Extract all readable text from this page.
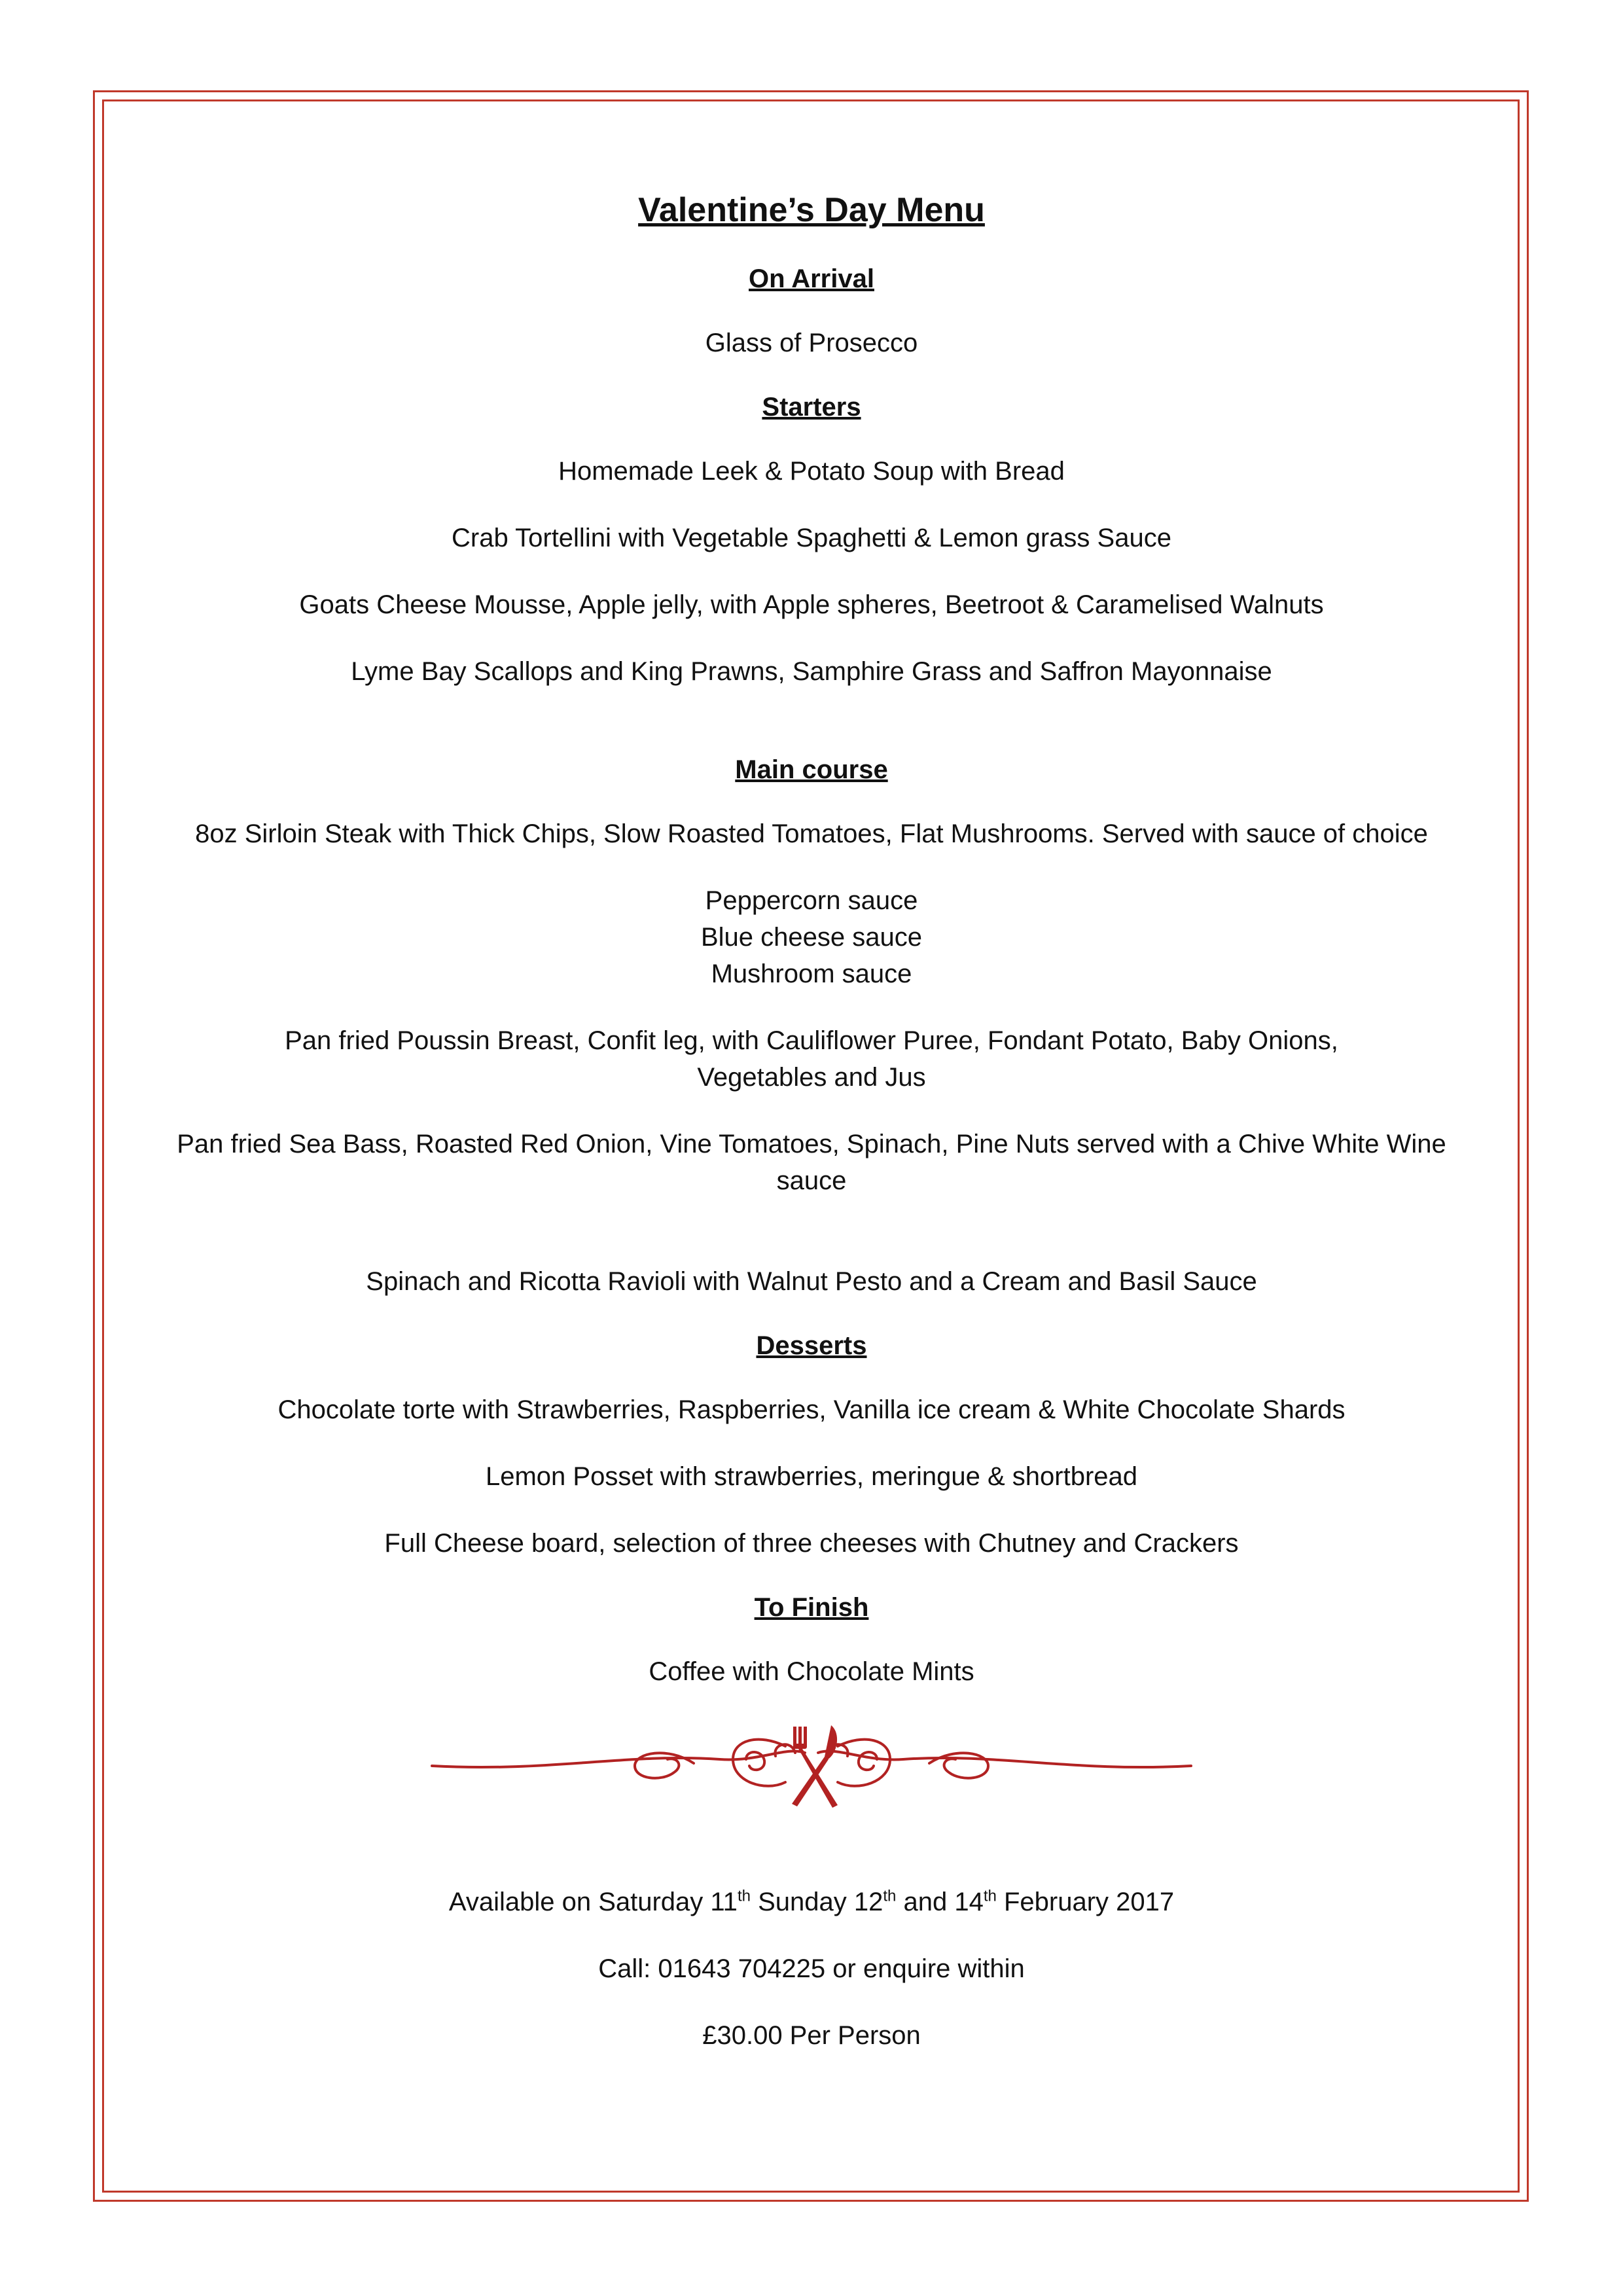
Valentine’s Day Menu
On Arrival
Glass of Prosecco
Starters
Homemade Leek & Potato Soup with Bread
Crab Tortellini with Vegetable Spaghetti & Lemon grass Sauce
Goats Cheese Mousse, Apple jelly, with Apple spheres, Beetroot & Caramelised Walnuts
Lyme Bay Scallops and King Prawns, Samphire Grass and Saffron Mayonnaise
Main course
8oz Sirloin Steak with Thick Chips, Slow Roasted Tomatoes, Flat Mushrooms. Served with sauce of choice
Peppercorn sauce
Blue cheese sauce
Mushroom sauce
Pan fried Poussin Breast, Confit leg, with Cauliflower Puree, Fondant Potato, Baby Onions, Vegetables and Jus
Pan fried Sea Bass, Roasted Red Onion, Vine Tomatoes, Spinach, Pine Nuts served with a Chive White Wine sauce
Spinach and Ricotta Ravioli with Walnut Pesto and a Cream and Basil Sauce
Desserts
Chocolate torte with Strawberries, Raspberries, Vanilla ice cream & White Chocolate Shards
Lemon Posset with strawberries, meringue & shortbread
Full Cheese board, selection of three cheeses with Chutney and Crackers
To Finish
Coffee with Chocolate Mints
Available on Saturday 11th Sunday 12th and 14th February 2017
Call: 01643 704225 or enquire within
£30.00 Per Person
